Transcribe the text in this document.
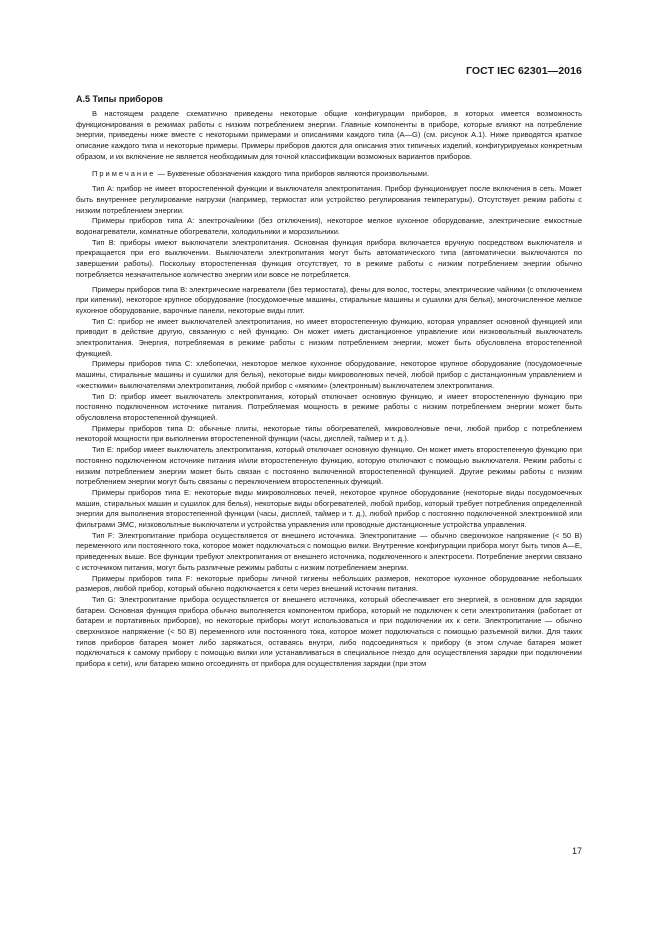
ГОСТ IEC 62301—2016
А.5 Типы приборов

В настоящем разделе схематично приведены некоторые общие конфигурации приборов, в которых имеется возможность функционирования в режимах работы с низким потреблением энергии. Главные компоненты в приборе, которые влияют на потребление энергии, приведены ниже вместе с некоторыми примерами и описаниями каждого типа (А—G) (см. рисунок А.1). Ниже приводятся краткое описание каждого типа и некоторые примеры. Примеры приборов даются для описания этих типичных изделий, конфигурируемых конкретным образом, и их включение не является необходимым для точной классификации возможных вариантов приборов.

Примечание — Буквенные обозначения каждого типа приборов являются произвольными.

Тип А: прибор не имеет второстепенной функции и выключателя электропитания. Прибор функционирует после включения в сеть. Может быть внутреннее регулирование нагрузки (например, термостат или устройство регулирования температуры). Отсутствует режим работы с низким потреблением энергии.

Примеры приборов типа А: электрочайники (без отключения), некоторое мелкое кухонное оборудование, электрические емкостные водонагреватели, комнатные обогреватели, холодильники и морозильники.

Тип В: приборы имеют выключатели электропитания. Основная функция прибора включается вручную посредством выключателя и прекращается при его выключении. Выключатели электропитания могут быть автоматического типа (автоматически выключаются по завершении работы). Поскольку второстепенная функция отсутствует, то в режиме работы с низким потреблением энергии обычно потребляется незначительное количество энергии или вовсе не потребляется.

Примеры приборов типа В: электрические нагреватели (без термостата), фены для волос, тостеры, электрические чайники (с отключением при кипении), некоторое крупное оборудование (посудомоечные машины, стиральные машины и сушилки для белья), многочисленное мелкое кухонное оборудование, варочные панели, некоторые виды плит.

Тип С: прибор не имеет выключателей электропитания, но имеет второстепенную функцию, которая управляет основной функцией или приводит в действие другую, связанную с ней функцию. Он может иметь дистанционное управление или низковольтный выключатель электропитания. Энергия, потребляемая в режиме работы с низким потреблением энергии, может быть обусловлена второстепенной функцией.

Примеры приборов типа С: хлебопечки, некоторое мелкое кухонное оборудование, некоторое крупное оборудование (посудомоечные машины, стиральные машины и сушилки для белья), некоторые виды микроволновых печей, любой прибор с дистанционным управлением и «жесткими» выключателями электропитания, любой прибор с «мягким» (электронным) выключателем электропитания.

Тип D: прибор имеет выключатель электропитания, который отключает основную функцию, и имеет второстепенную функцию при постоянно подключенном источнике питания. Потребляемая мощность в режиме работы с низким потреблением энергии может быть обусловлена второстепенной функцией.

Примеры приборов типа D: обычные плиты, некоторые типы обогревателей, микроволновые печи, любой прибор с потреблением некоторой мощности при выполнении второстепенной функции (часы, дисплей, таймер и т. д.).

Тип Е: прибор имеет выключатель электропитания, который отключает основную функцию. Он может иметь второстепенную функцию при постоянно подключенном источнике питания и/или второстепенную функцию, которую отключают с помощью выключателя. Режим работы с низким потреблением энергии может быть связан с постоянно включенной второстепенной функцией. Другие режимы работы с низким потреблением энергии могут быть связаны с переключением второстепенных функций.

Примеры приборов типа Е: некоторые виды микроволновых печей, некоторое крупное оборудование (некоторые виды посудомоечных машин, стиральных машин и сушилок для белья), некоторые виды обогревателей, любой прибор, который требует потребления определенной энергии для выполнения второстепенной функции (часы, дисплей, таймер и т. д.), любой прибор с постоянно подключенной электроникой или фильтрами ЭМС, низковольтные выключатели и устройства управления или проводные дистанционные устройства управления.

Тип F: Электропитание прибора осуществляется от внешнего источника. Электропитание — обычно сверхнизкое напряжение (< 50 В) переменного или постоянного тока, которое может подключаться с помощью вилки. Внутренние конфигурации прибора могут быть типов А—Е, приведенных выше. Все функции требуют электропитания от внешнего источника, подключенного к электросети. Потребление энергии связано с источником питания, могут быть различные режимы работы с низким потреблением энергии.

Примеры приборов типа F: некоторые приборы личной гигиены небольших размеров, некоторое кухонное оборудование небольших размеров, любой прибор, который обычно подключается к сети через внешний источник питания.

Тип G: Электропитание прибора осуществляется от внешнего источника, который обеспечивает его энергией, в основном для зарядки батареи. Основная функция прибора обычно выполняется компонентом прибора, который не подключен к сети электропитания (работает от батареи и портативных приборов), но некоторые приборы могут использоваться и при подключении их к сети. Электропитание — обычно сверхнизкое напряжение (< 50 В) переменного или постоянного тока, которое может подключаться с помощью разъемной вилки. Для таких типов приборов батарея может либо заряжаться, оставаясь внутри, либо подсоединяться к прибору (в этом случае батарея может подключаться к самому прибору с помощью вилки или устанавливаться в специальное гнездо для осуществления зарядки при подключении прибора к сети), или батарею можно отсоединять от прибора для осуществления зарядки (при этом

17
